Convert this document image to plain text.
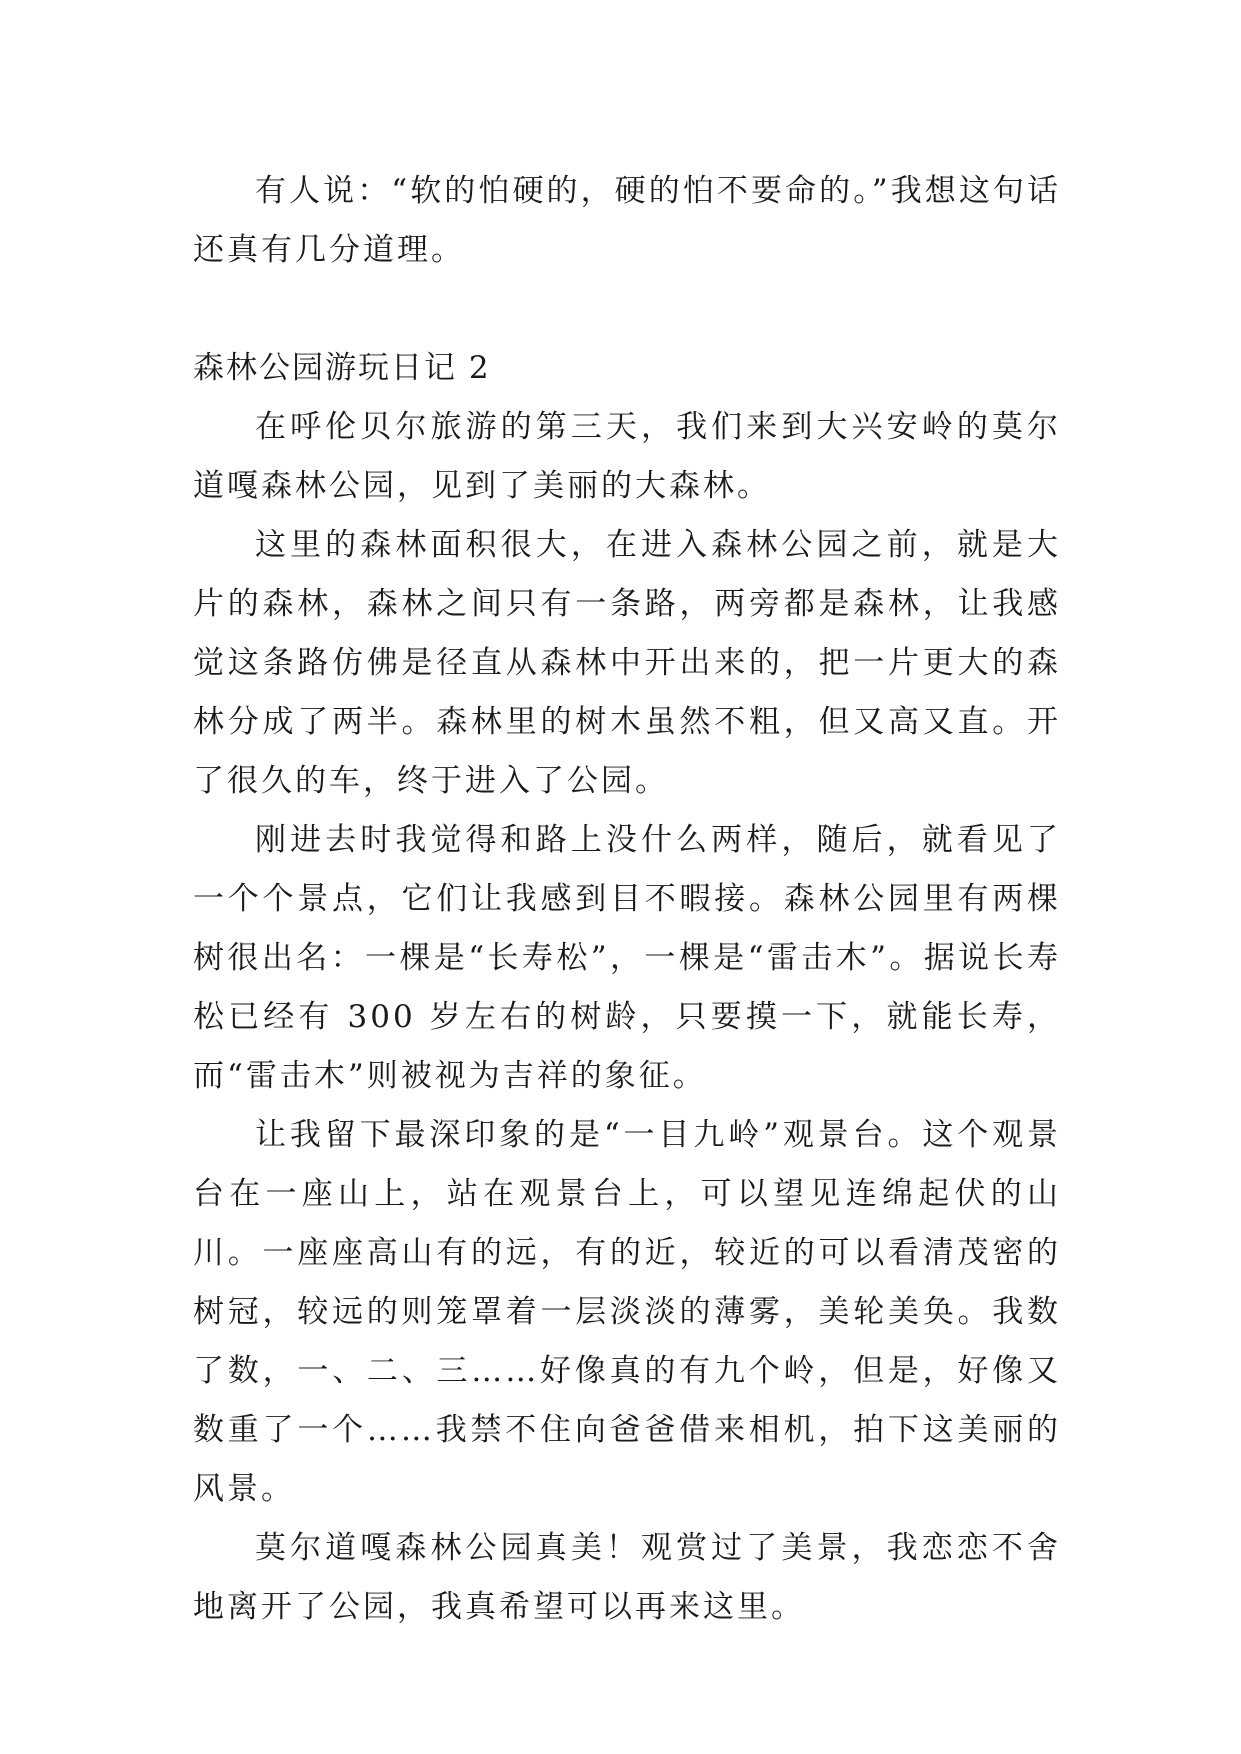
有人说：“软的怕硬的，硬的怕不要命的。”我想这句话还真有几分道理。

森林公园游玩日记 2

在呼伦贝尔旅游的第三天，我们来到大兴安岭的莫尔道嘎森林公园，见到了美丽的大森林。

这里的森林面积很大，在进入森林公园之前，就是大片的森林，森林之间只有一条路，两旁都是森林，让我感觉这条路仿佛是径直从森林中开出来的，把一片更大的森林分成了两半。森林里的树木虽然不粗，但又高又直。开了很久的车，终于进入了公园。

刚进去时我觉得和路上没什么两样，随后，就看见了一个个景点，它们让我感到目不暇接。森林公园里有两棵树很出名：一棵是“长寿松”，一棵是“雷击木”。据说长寿松已经有 300 岁左右的树龄，只要摸一下，就能长寿，而“雷击木”则被视为吉祥的象征。

让我留下最深印象的是“一目九岭”观景台。这个观景台在一座山上，站在观景台上，可以望见连绵起伏的山川。一座座高山有的远，有的近，较近的可以看清茂密的树冠，较远的则笼罩着一层淡淡的薄雾，美轮美奂。我数了数，一、二、三……好像真的有九个岭，但是，好像又数重了一个……我禁不住向爸爸借来相机，拍下这美丽的风景。

莫尔道嘎森林公园真美！观赏过了美景，我恋恋不舍地离开了公园，我真希望可以再来这里。
